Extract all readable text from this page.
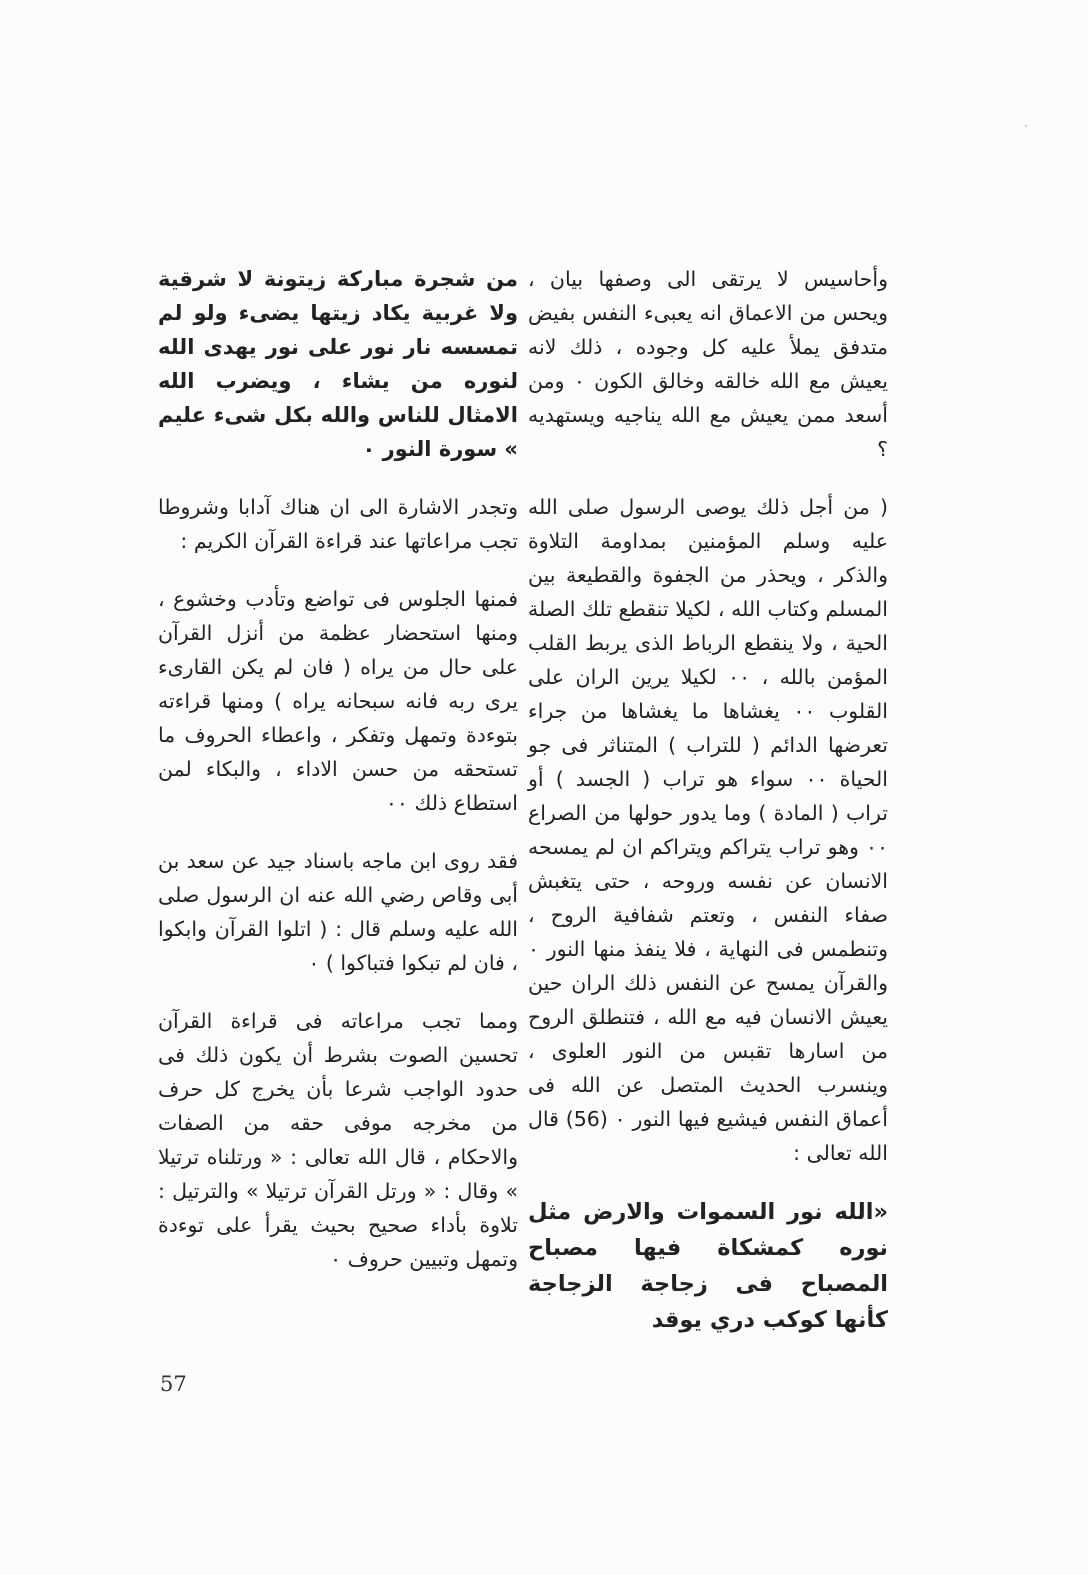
وأحاسيس لا يرتقى الى وصفها بيان ، ويحس من الاعماق انه يعبىء النفس بفيض متدفق يملأ عليه كل وجوده ، ذلك لانه يعيش مع الله خالقه وخالق الكون ٠ ومن أسعد ممن يعيش مع الله يناجيه ويستهديه ؟

( من أجل ذلك يوصى الرسول صلى الله عليه وسلم المؤمنين بمداومة التلاوة والذكر ، ويحذر من الجفوة والقطيعة بين المسلم وكتاب الله ، لكيلا تنقطع تلك الصلة الحية ، ولا ينقطع الرباط الذى يربط القلب المؤمن بالله ، ٠٠ لكيلا يرين الران على القلوب ٠٠ يغشاها ما يغشاها من جراء تعرضها الدائم ( للتراب ) المتناثر فى جو الحياة ٠٠ سواء هو تراب ( الجسد ) أو تراب ( المادة ) وما يدور حولها من الصراع ٠٠ وهو تراب يتراكم ويتراكم ان لم يمسحه الانسان عن نفسه وروحه ، حتى يتغبش صفاء النفس ، وتعتم شفافية الروح ، وتنطمس فى النهاية ، فلا ينفذ منها النور ٠ والقرآن يمسح عن النفس ذلك الران حين يعيش الانسان فيه مع الله ، فتنطلق الروح من اسارها تقبس من النور العلوى ، وينسرب الحديث المتصل عن الله فى أعماق النفس فيشيع فيها النور ٠ (56) قال الله تعالى :

«الله نور السموات والارض مثل نوره كمشكاة فيها مصباح المصباح فى زجاجة الزجاجة كأنها كوكب دري يوقد

من شجرة مباركة زيتونة لا شرقية ولا غربية يكاد زيتها يضىء ولو لم تمسسه نار نور على نور يهدى الله لنوره من يشاء ، ويضرب الله الامثال للناس والله بكل شىء عليم » سورة النور ٠

وتجدر الاشارة الى ان هناك آدابا وشروطا تجب مراعاتها عند قراءة القرآن الكريم :

فمنها الجلوس فى تواضع وتأدب وخشوع ، ومنها استحضار عظمة من أنزل القرآن على حال من يراه ( فان لم يكن القارىء يرى ربه فانه سبحانه يراه ) ومنها قراءته بتوءدة وتمهل وتفكر ، واعطاء الحروف ما تستحقه من حسن الاداء ، والبكاء لمن استطاع ذلك ٠٠

فقد روى ابن ماجه باسناد جيد عن سعد بن أبى وقاص رضي الله عنه ان الرسول صلى الله عليه وسلم قال : ( اتلوا القرآن وابكوا ، فان لم تبكوا فتباكوا ) ٠

ومما تجب مراعاته فى قراءة القرآن تحسين الصوت بشرط أن يكون ذلك فى حدود الواجب شرعا بأن يخرج كل حرف من مخرجه موفى حقه من الصفات والاحكام ، قال الله تعالى : « ورتلناه ترتيلا » وقال : « ورتل القرآن ترتيلا » والترتيل : تلاوة بأداء صحيح بحيث يقرأ على توءدة وتمهل وتبيين حروف ٠

57
